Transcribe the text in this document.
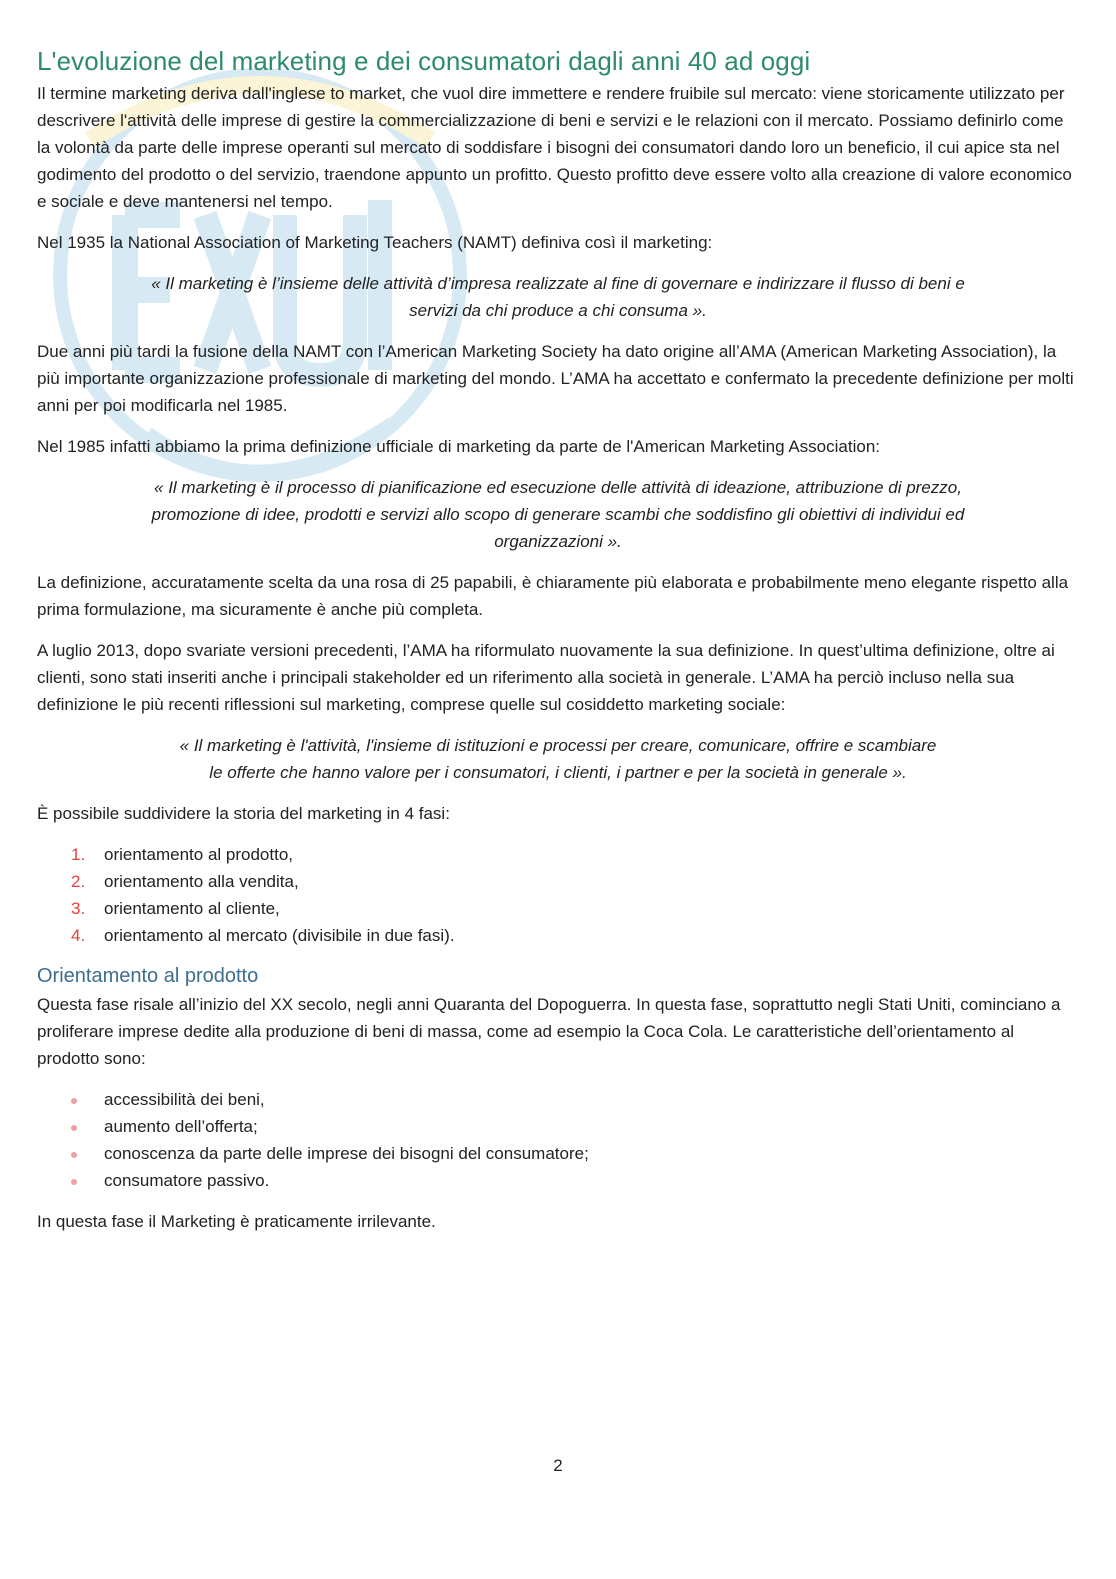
L'evoluzione del marketing e dei consumatori dagli anni 40 ad oggi

Il termine marketing deriva dall'inglese to market, che vuol dire immettere e rendere fruibile sul mercato: viene storicamente utilizzato per descrivere l'attività delle imprese di gestire la commercializzazione di beni e servizi e le relazioni con il mercato. Possiamo definirlo come la volontà da parte delle imprese operanti sul mercato di soddisfare i bisogni dei consumatori dando loro un beneficio, il cui apice sta nel godimento del prodotto o del servizio, traendone appunto un profitto. Questo profitto deve essere volto alla creazione di valore economico e sociale e deve mantenersi nel tempo.

Nel 1935 la National Association of Marketing Teachers (NAMT) definiva così il marketing:

« Il marketing è l’insieme delle attività d’impresa realizzate al fine di governare e indirizzare il flusso di beni e servizi da chi produce a chi consuma ».

Due anni più tardi la fusione della NAMT con l’American Marketing Society ha dato origine all’AMA (American Marketing Association), la più importante organizzazione professionale di marketing del mondo. L’AMA ha accettato e confermato la precedente definizione per molti anni per poi modificarla nel 1985.

Nel 1985 infatti abbiamo la prima definizione ufficiale di marketing da parte de l'American Marketing Association:

« Il marketing è il processo di pianificazione ed esecuzione delle attività di ideazione, attribuzione di prezzo, promozione di idee, prodotti e servizi allo scopo di generare scambi che soddisfino gli obiettivi di individui ed organizzazioni ».

La definizione, accuratamente scelta da una rosa di 25 papabili, è chiaramente più elaborata e probabilmente meno elegante rispetto alla prima formulazione, ma sicuramente è anche più completa.

A luglio 2013, dopo svariate versioni precedenti, l’AMA ha riformulato nuovamente la sua definizione. In quest’ultima definizione, oltre ai clienti, sono stati inseriti anche i principali stakeholder ed un riferimento alla società in generale. L’AMA ha perciò incluso nella sua definizione le più recenti riflessioni sul marketing, comprese quelle sul cosiddetto marketing sociale:

« Il marketing è l'attività, l'insieme di istituzioni e processi per creare, comunicare, offrire e scambiare le offerte che hanno valore per i consumatori, i clienti, i partner e per la società in generale ».

È possibile suddividere la storia del marketing in 4 fasi:

1. orientamento al prodotto,
2. orientamento alla vendita,
3. orientamento al cliente,
4. orientamento al mercato (divisibile in due fasi).
Orientamento al prodotto

Questa fase risale all’inizio del XX secolo, negli anni Quaranta del Dopoguerra. In questa fase, soprattutto negli Stati Uniti, cominciano a proliferare imprese dedite alla produzione di beni di massa, come ad esempio la Coca Cola. Le caratteristiche dell’orientamento al prodotto sono:

accessibilità dei beni,
aumento dell’offerta;
conoscenza da parte delle imprese dei bisogni del consumatore;
consumatore passivo.

In questa fase il Marketing è praticamente irrilevante.

2
